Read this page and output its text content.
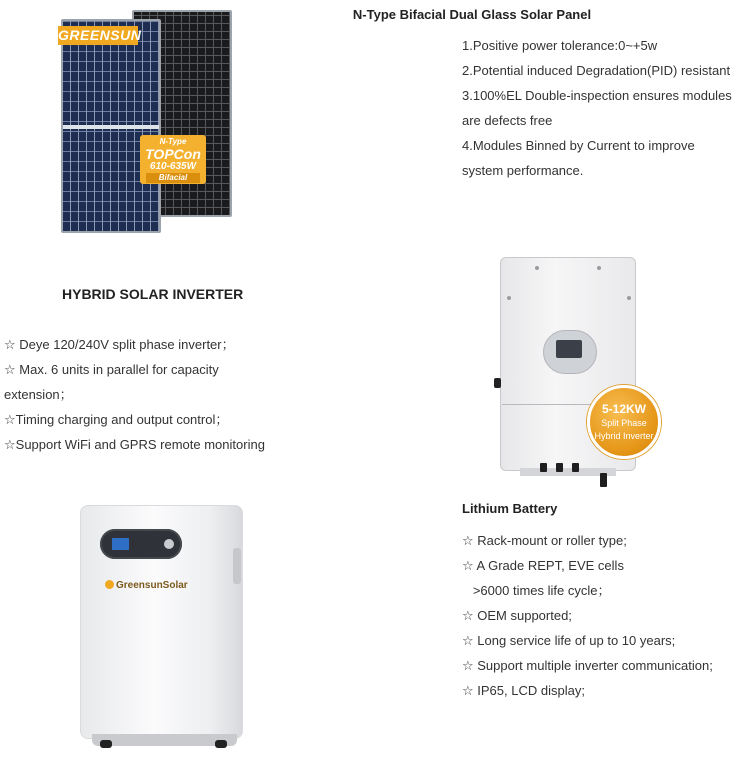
GREENSUN
N-Type
TOPCon
610-635W
Bifacial
N-Type Bifacial Dual Glass Solar Panel
1.Positive power tolerance:0~+5w
2.Potential induced Degradation(PID) resistant
3.100%EL Double-inspection ensures modules
are defects free
4.Modules Binned by Current to improve
system performance.
HYBRID SOLAR INVERTER
☆ Deye 120/240V split phase inverter；
☆ Max. 6 units in parallel for capacity
extension；
☆Timing charging and output control；
☆Support WiFi and GPRS remote monitoring
5-12KW
Split Phase
Hybrid Inverter
Lithium Battery
☆ Rack-mount or roller type;
☆ A Grade REPT, EVE cells
>6000 times life cycle；
☆ OEM supported;
☆ Long service life of up to 10 years;
☆ Support multiple inverter communication;
☆ IP65, LCD display;
GreensunSolar
